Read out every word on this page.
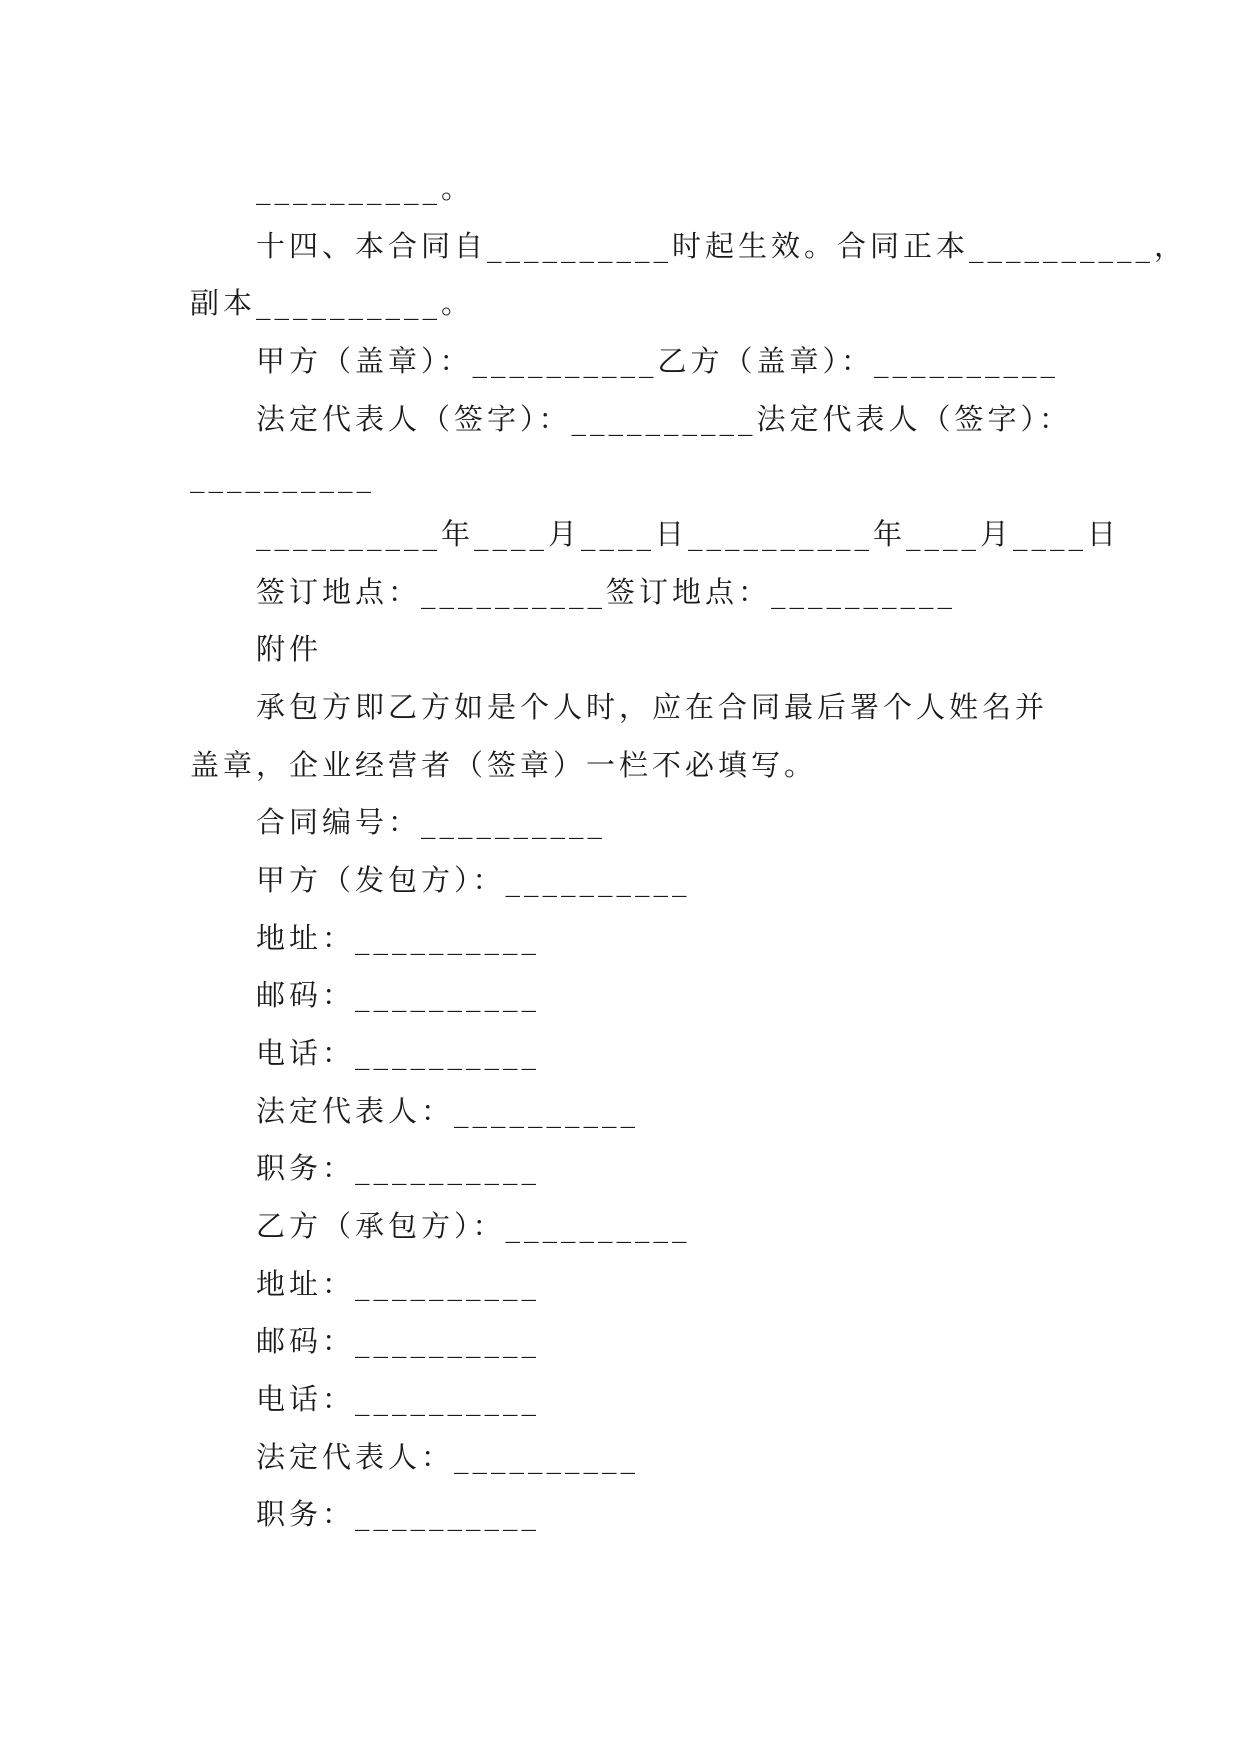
__________。
十四、本合同自__________时起生效。合同正本__________，
副本__________。
甲方（盖章）：__________乙方（盖章）：__________
法定代表人（签字）：__________法定代表人（签字）：
__________
__________年____月____日__________年____月____日
签订地点：__________签订地点：__________
附件
承包方即乙方如是个人时，应在合同最后署个人姓名并
盖章，企业经营者（签章）一栏不必填写。
合同编号：__________
甲方（发包方）：__________
地址：__________
邮码：__________
电话：__________
法定代表人：__________
职务：__________
乙方（承包方）：__________
地址：__________
邮码：__________
电话：__________
法定代表人：__________
职务：__________
